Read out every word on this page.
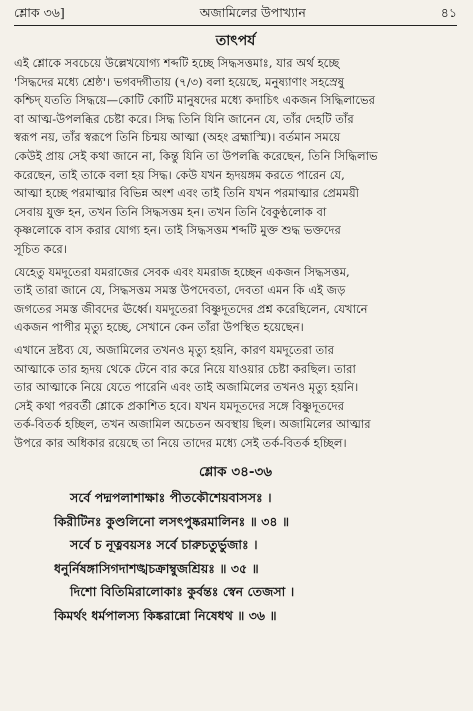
শ্লোক ৩৬]	অজামিলের উপাখ্যান	৪১
তাৎপর্য
এই শ্লোকে সবচেয়ে উল্লেখযোগ্য শব্দটি হচ্ছে সিদ্ধসত্তমাঃ, যার অর্থ হচ্ছে
'সিদ্ধদের মধ্যে শ্রেষ্ঠ'। ভগবদ্গীতায় (৭/৩) বলা হয়েছে, মনুষ্যাণাং সহস্রেষু
কশ্চিদ্ যততি সিদ্ধয়ে—কোটি কোটি মানুষদের মধ্যে কদাচিৎ একজন সিদ্ধিলাভের
বা আত্ম-উপলব্ধির চেষ্টা করে। সিদ্ধ তিনি যিনি জানেন যে, তাঁর দেহটি তাঁর
স্বরূপ নয়, তাঁর স্বরূপে তিনি চিন্ময় আত্মা (অহং ব্রহ্মাস্মি)। বর্তমান সময়ে
কেউই প্রায় সেই কথা জানে না, কিন্তু যিনি তা উপলব্ধি করেছেন, তিনি সিদ্ধিলাভ
করেছেন, তাই তাকে বলা হয় সিদ্ধ। কেউ যখন হৃদয়ঙ্গম করতে পারেন যে,
আত্মা হচ্ছে পরমাত্মার বিভিন্ন অংশ এবং তাই তিনি যখন পরমাত্মার প্রেমময়ী
সেবায় যুক্ত হন, তখন তিনি সিদ্ধসত্তম হন। তখন তিনি বৈকুণ্ঠলোক বা
কৃষ্ণলোকে বাস করার যোগ্য হন। তাই সিদ্ধসত্তম শব্দটি মুক্ত শুদ্ধ ভক্তদের
সূচিত করে।
যেহেতু যমদূতেরা যমরাজের সেবক এবং যমরাজ হচ্ছেন একজন সিদ্ধসত্তম,
তাই তারা জানে যে, সিদ্ধসত্তম সমস্ত উপদেবতা, দেবতা এমন কি এই জড়
জগতের সমস্ত জীবদের ঊর্ধ্বে। যমদূতেরা বিষ্ণুদূতদের প্রশ্ন করেছিলেন, যেখানে
একজন পাপীর মৃত্যু হচ্ছে, সেখানে কেন তাঁরা উপস্থিত হয়েছেন।
এখানে দ্রষ্টব্য যে, অজামিলের তখনও মৃত্যু হয়নি, কারণ যমদূতেরা তার
আত্মাকে তার হৃদয় থেকে টেনে বার করে নিয়ে যাওয়ার চেষ্টা করছিল। তারা
তার আত্মাকে নিয়ে যেতে পারেনি এবং তাই অজামিলের তখনও মৃত্যু হয়নি।
সেই কথা পরবর্তী শ্লোকে প্রকাশিত হবে। যখন যমদূতদের সঙ্গে বিষ্ণুদূতদের
তর্ক-বিতর্ক হচ্ছিল, তখন অজামিল অচেতন অবস্থায় ছিল। অজামিলের আত্মার
উপরে কার অধিকার রয়েছে তা নিয়ে তাদের মধ্যে সেই তর্ক-বিতর্ক হচ্ছিল।
শ্লোক ৩৪-৩৬
সর্বে পদ্মপলাশাক্ষাঃ পীতকৌশেয়বাসসঃ ।
কিরীটিনঃ কুণ্ডলিনো লসৎপুষ্করমালিনঃ ॥ ৩৪ ॥
সর্বে চ নূত্নবয়সঃ সর্বে চারুচতুর্ভুজাঃ ।
ধনুর্নিষঙ্গাসিগদাশঙ্খচক্রাম্বুজশ্রিয়ঃ ॥ ৩৫ ॥
দিশো বিতিমিরালোকাঃ কুর্বন্তঃ স্বেন তেজসা ।
কিমর্থং ধর্মপালস্য কিঙ্করান্নো নিষেধথ ॥ ৩৬ ॥
